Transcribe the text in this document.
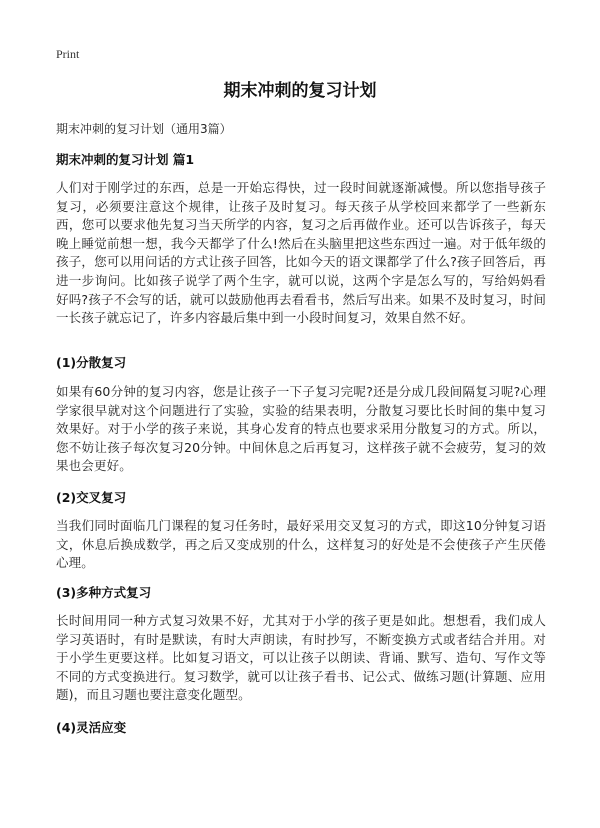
Print
期末冲刺的复习计划
期末冲刺的复习计划（通用3篇）
期末冲刺的复习计划 篇1
人们对于刚学过的东西，总是一开始忘得快，过一段时间就逐渐减慢。所以您指导孩子复习，必须要注意这个规律，让孩子及时复习。每天孩子从学校回来都学了一些新东西，您可以要求他先复习当天所学的内容，复习之后再做作业。还可以告诉孩子，每天晚上睡觉前想一想，我今天都学了什么!然后在头脑里把这些东西过一遍。对于低年级的孩子，您可以用问话的方式让孩子回答，比如今天的语文课都学了什么?孩子回答后，再进一步询问。比如孩子说学了两个生字，就可以说，这两个字是怎么写的，写给妈妈看好吗?孩子不会写的话，就可以鼓励他再去看看书，然后写出来。如果不及时复习，时间一长孩子就忘记了，许多内容最后集中到一小段时间复习，效果自然不好。
(1)分散复习
如果有60分钟的复习内容，您是让孩子一下子复习完呢?还是分成几段间隔复习呢?心理学家很早就对这个问题进行了实验，实验的结果表明，分散复习要比长时间的集中复习效果好。对于小学的孩子来说，其身心发育的特点也要求采用分散复习的方式。所以，您不妨让孩子每次复习20分钟。中间休息之后再复习，这样孩子就不会疲劳，复习的效果也会更好。
(2)交叉复习
当我们同时面临几门课程的复习任务时，最好采用交叉复习的方式，即这10分钟复习语文，休息后换成数学，再之后又变成别的什么，这样复习的好处是不会使孩子产生厌倦心理。
(3)多种方式复习
长时间用同一种方式复习效果不好，尤其对于小学的孩子更是如此。想想看，我们成人学习英语时，有时是默读，有时大声朗读，有时抄写，不断变换方式或者结合并用。对于小学生更要这样。比如复习语文，可以让孩子以朗读、背诵、默写、造句、写作文等不同的方式变换进行。复习数学，就可以让孩子看书、记公式、做练习题(计算题、应用题)，而且习题也要注意变化题型。
(4)灵活应变
